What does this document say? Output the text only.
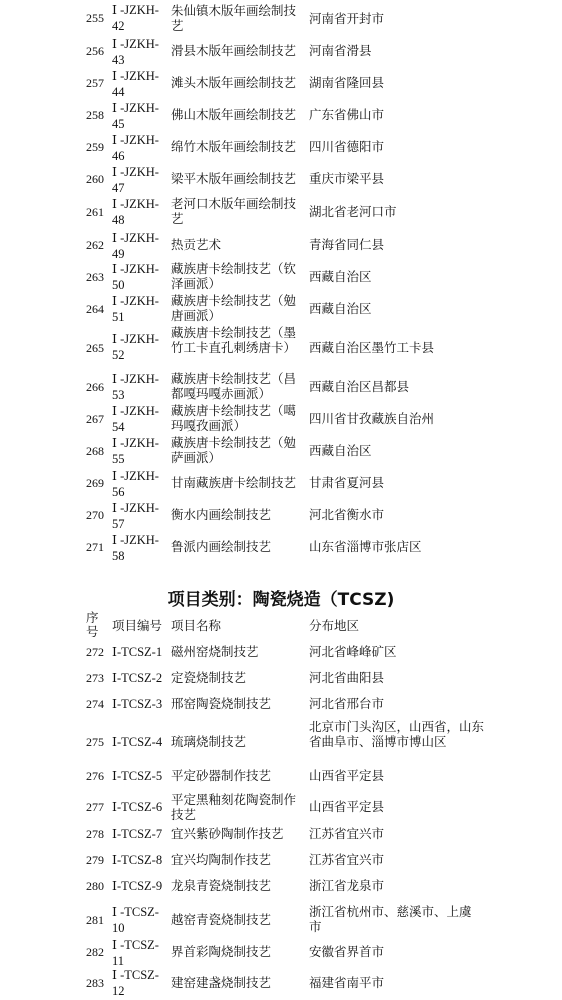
255
Ⅰ -JZKH-
42
朱仙镇木版年画绘制技艺	河南省开封市
256 Ⅰ -JZKH-
43
滑县木版年画绘制技艺	河南省滑县
257 Ⅰ -JZKH-
44
滩头木版年画绘制技艺	湖南省隆回县
258 Ⅰ -JZKH-
45
佛山木版年画绘制技艺	广东省佛山市
259 Ⅰ -JZKH-
46
绵竹木版年画绘制技艺	四川省德阳市
260 Ⅰ -JZKH-
47
梁平木版年画绘制技艺	重庆市梁平县
261
Ⅰ -JZKH-
48
老河口木版年画绘制技艺	湖北省老河口市
262 Ⅰ -JZKH-
49
热贡艺术	青海省同仁县
263
Ⅰ -JZKH-
50
藏族唐卡绘制技艺（钦泽画派）	西藏自治区
264
Ⅰ -JZKH-
51
藏族唐卡绘制技艺（勉唐画派）	西藏自治区
265
Ⅰ -JZKH-
52
藏族唐卡绘制技艺（墨竹工卡直孔刺绣唐卡）	西藏自治区墨竹工卡县
266
Ⅰ -JZKH-
53
藏族唐卡绘制技艺（昌都嘎玛嘎赤画派）	西藏自治区昌都县
267
Ⅰ -JZKH-
54
藏族唐卡绘制技艺（噶玛嘎孜画派）	四川省甘孜藏族自治州
268
Ⅰ -JZKH-
55
藏族唐卡绘制技艺（勉萨画派）	西藏自治区
269 Ⅰ -JZKH-
56
甘南藏族唐卡绘制技艺	甘肃省夏河县
270 Ⅰ -JZKH-
57
衡水内画绘制技艺	河北省衡水市
271 Ⅰ -JZKH-
58
鲁派内画绘制技艺	山东省淄博市张店区
项目类别：陶瓷烧造（TCSZ)
序号 项目编号 项目名称	分布地区
272 Ⅰ-TCSZ-1 磁州窑烧制技艺	河北省峰峰矿区
273 Ⅰ-TCSZ-2 定瓷烧制技艺	河北省曲阳县
274 Ⅰ-TCSZ-3 邢窑陶瓷烧制技艺	河北省邢台市
275 Ⅰ-TCSZ-4 琉璃烧制技艺
北京市门头沟区，山西省，山东省曲阜市、淄博市博山区
276 Ⅰ-TCSZ-5 平定砂器制作技艺	山西省平定县
277 Ⅰ-TCSZ-6 平定黑釉刻花陶瓷制作技艺
山西省平定县
278 Ⅰ-TCSZ-7 宜兴紫砂陶制作技艺	江苏省宜兴市
279 Ⅰ-TCSZ-8 宜兴均陶制作技艺	江苏省宜兴市
280 Ⅰ-TCSZ-9 龙泉青瓷烧制技艺	浙江省龙泉市
281
Ⅰ -TCSZ-
10
越窑青瓷烧制技艺
浙江省杭州市、慈溪市、上虞市
282 Ⅰ -TCSZ-
11
界首彩陶烧制技艺	安徽省界首市
283
Ⅰ -TCSZ-
12
建窑建盏烧制技艺	福建省南平市
